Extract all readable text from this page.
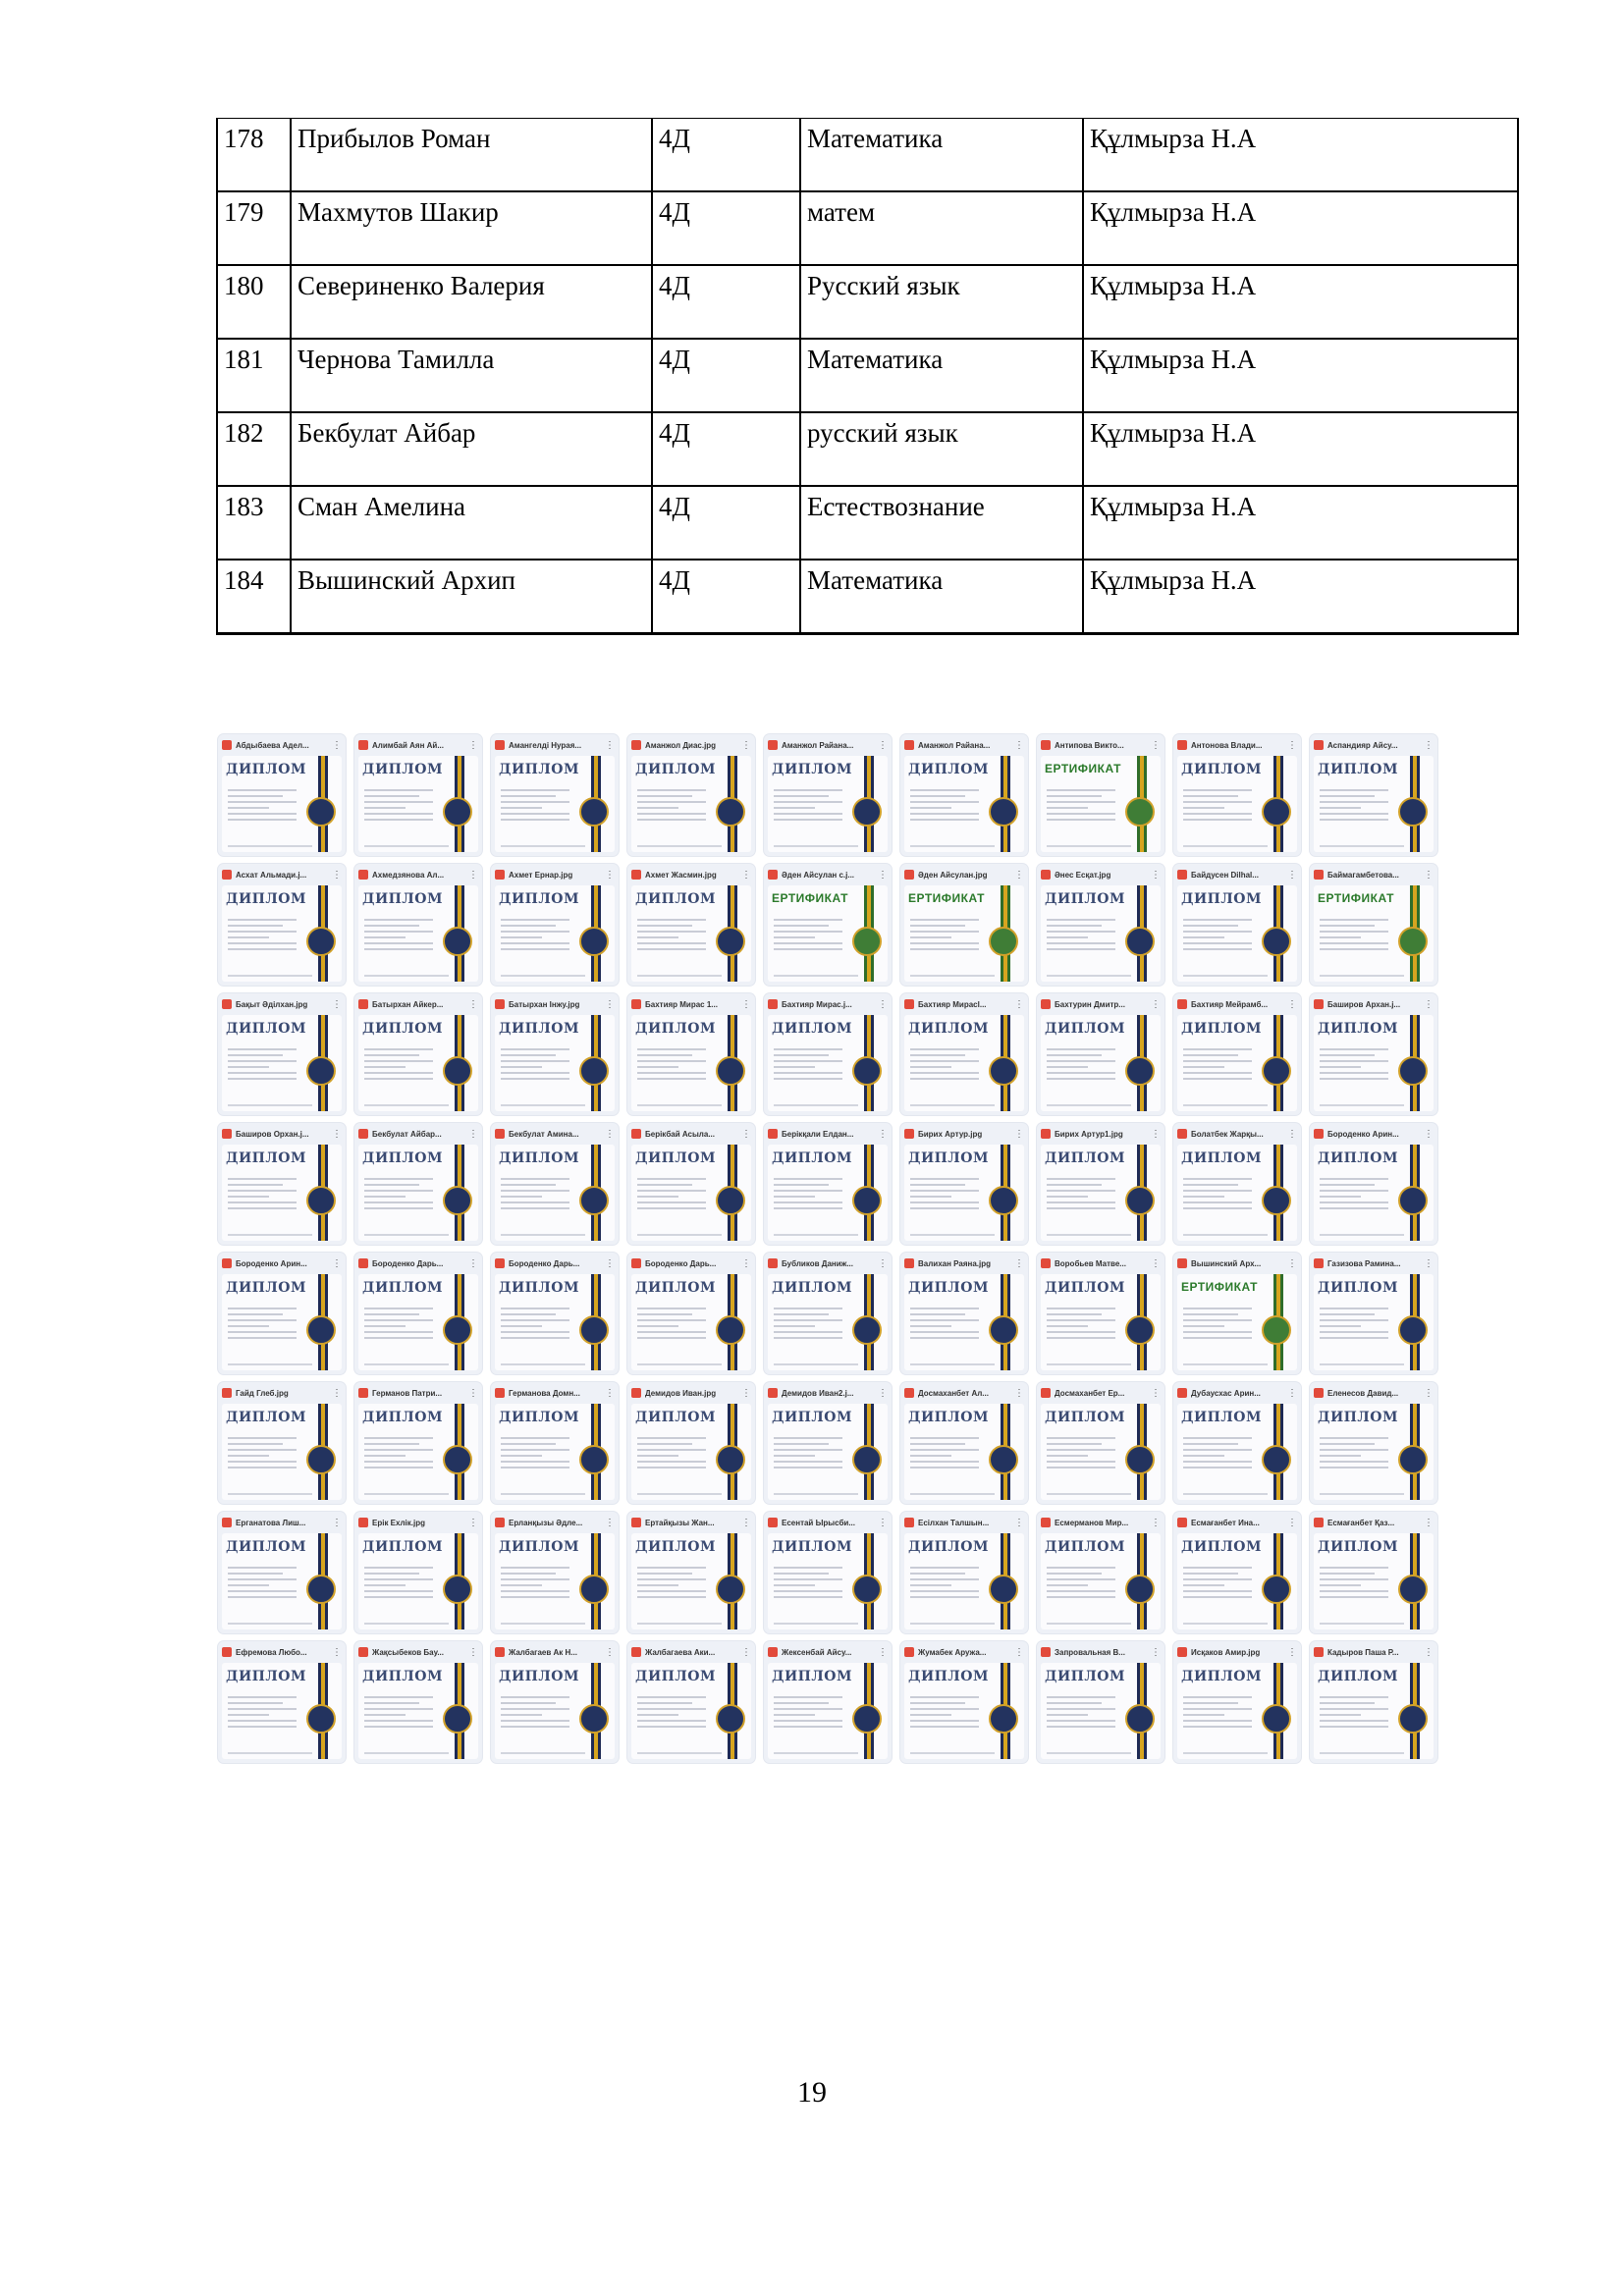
178	Прибылов Роман	4Д	Математика	Құлмырза Н.А
179	Махмутов Шакир	4Д	матем	Құлмырза Н.А
180	Севериненко Валерия	4Д	Русский язык	Құлмырза Н.А
181	Чернова Тамилла	4Д	Математика	Құлмырза Н.А
182	Бекбулат Айбар	4Д	русский язык	Құлмырза Н.А
183	Сман Амелина	4Д	Естествознание	Құлмырза Н.А
184	Вышинский Архип	4Д	Математика	Құлмырза Н.А
Абдыбаева Адел...	⋮
ДИПЛОМ
Алимбай Аян Ай...	⋮
ДИПЛОМ
Амангелді Нурая...	⋮
ДИПЛОМ
Аманжол Диас.jpg	⋮
ДИПЛОМ
Аманжол Райана...	⋮
ДИПЛОМ
Аманжол Райана...	⋮
ДИПЛОМ
Антипова Викто...	⋮
ЕРТИФИКАТ
Антонова Влади...	⋮
ДИПЛОМ
Аспандияр Айсу...	⋮
ДИПЛОМ
Асхат Альмади.j...	⋮
ДИПЛОМ
Ахмедзянова Ал...	⋮
ДИПЛОМ
Ахмет Ернар.jpg	⋮
ДИПЛОМ
Ахмет Жасмин.jpg	⋮
ДИПЛОМ
Әден Айсулан с.j...	⋮
ЕРТИФИКАТ
Әден Айсулан.jpg	⋮
ЕРТИФИКАТ
Әнес Есқат.jpg	⋮
ДИПЛОМ
Байдусен Dilhal...	⋮
ДИПЛОМ
Баймагамбетова...	⋮
ЕРТИФИКАТ
Бақыт Әділхан.jpg	⋮
ДИПЛОМ
Батырхан Айкер...	⋮
ДИПЛОМ
Батырхан Інжу.jpg	⋮
ДИПЛОМ
Бахтияр Мирас 1...	⋮
ДИПЛОМ
Бахтияр Мирас.j...	⋮
ДИПЛОМ
Бахтияр Мирасl...	⋮
ДИПЛОМ
Бахтурин Дмитр...	⋮
ДИПЛОМ
Бахтияр Мейрамб...	⋮
ДИПЛОМ
Баширов Архан.j...	⋮
ДИПЛОМ
Баширов Орхан.j...	⋮
ДИПЛОМ
Бекбулат Айбар...	⋮
ДИПЛОМ
Бекбулат Амина...	⋮
ДИПЛОМ
Берікбай Асыла...	⋮
ДИПЛОМ
Берікқали Елдан...	⋮
ДИПЛОМ
Бирих Артур.jpg	⋮
ДИПЛОМ
Бирих Артур1.jpg	⋮
ДИПЛОМ
Болатбек Жарқы...	⋮
ДИПЛОМ
Бороденко Арин...	⋮
ДИПЛОМ
Бороденко Арин...	⋮
ДИПЛОМ
Бороденко Дарь...	⋮
ДИПЛОМ
Бороденко Дарь...	⋮
ДИПЛОМ
Бороденко Дарь...	⋮
ДИПЛОМ
Бубликов Даниж...	⋮
ДИПЛОМ
Валихан Раяна.jpg	⋮
ДИПЛОМ
Воробьев Матве...	⋮
ДИПЛОМ
Вышинский Арх...	⋮
ЕРТИФИКАТ
Газизова Рамина...	⋮
ДИПЛОМ
Гайд Глеб.jpg	⋮
ДИПЛОМ
Германов Патри...	⋮
ДИПЛОМ
Германова Домн...	⋮
ДИПЛОМ
Демидов Иван.jpg	⋮
ДИПЛОМ
Демидов Иван2.j...	⋮
ДИПЛОМ
Досмаханбет Ал...	⋮
ДИПЛОМ
Досмаханбет Ер...	⋮
ДИПЛОМ
Дубаусхас Арин...	⋮
ДИПЛОМ
Еленесов Давид...	⋮
ДИПЛОМ
Ерганатова Лиш...	⋮
ДИПЛОМ
Ерік Ехлік.jpg	⋮
ДИПЛОМ
Ерланқызы Әдле...	⋮
ДИПЛОМ
Ертайқызы Жан...	⋮
ДИПЛОМ
Есентай Ырысби...	⋮
ДИПЛОМ
Есілхан Талшын...	⋮
ДИПЛОМ
Есмерманов Мир...	⋮
ДИПЛОМ
Есмағанбет Ина...	⋮
ДИПЛОМ
Есмағанбет Қаз...	⋮
ДИПЛОМ
Ефремова Любо...	⋮
ДИПЛОМ
Жақсыбеков Бау...	⋮
ДИПЛОМ
Жалбагаев Ак Н...	⋮
ДИПЛОМ
Жалбагаева Аки...	⋮
ДИПЛОМ
Жексенбай Айсу...	⋮
ДИПЛОМ
Жумабек Аружа...	⋮
ДИПЛОМ
Запровальная В...	⋮
ДИПЛОМ
Исқаков Амир.jpg	⋮
ДИПЛОМ
Кадыров Паша Р...	⋮
ДИПЛОМ
19
